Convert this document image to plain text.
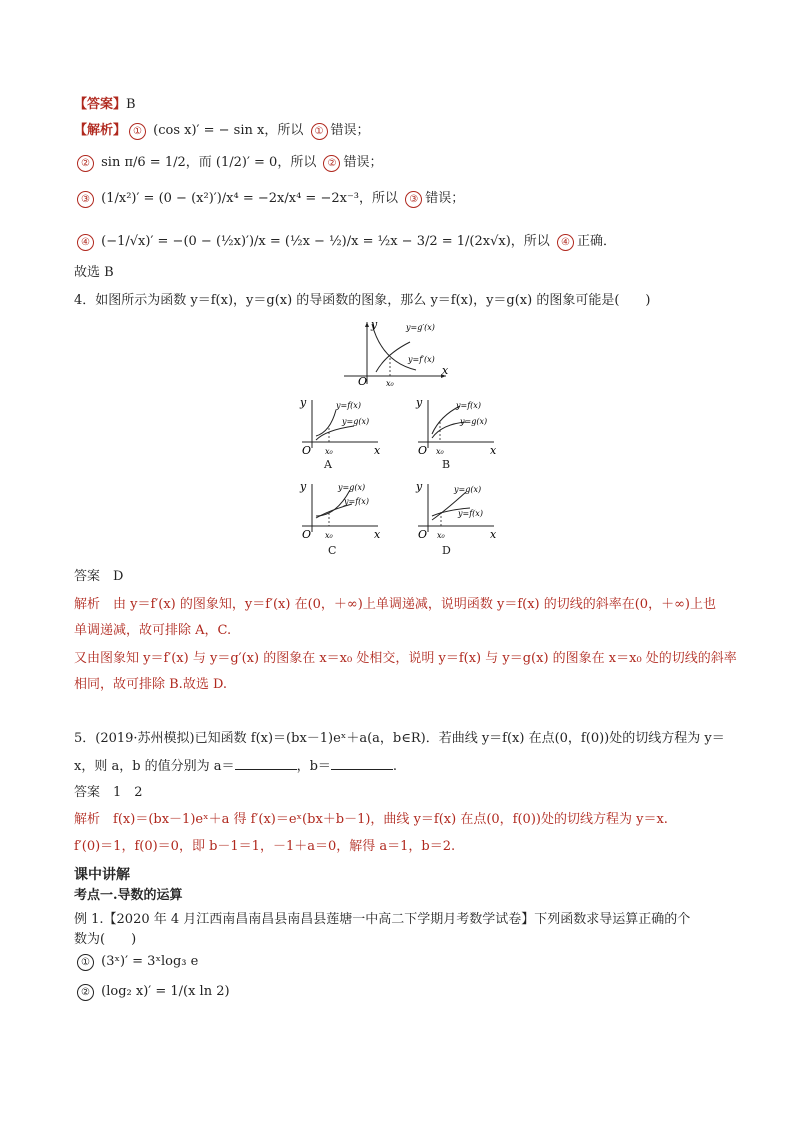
【答案】B
【解析】 ① (cos x)′ = − sin x，所以 ① 错误；
② sin π/6 = 1/2，而 (1/2)′ = 0，所以 ② 错误；
③ (1/x²)′ = (0 − (x²)′)/x⁴ = −2x/x⁴ = −2x⁻³，所以 ③ 错误；
④ (−1/√x)′ = −(0 − (½x)′)/x = (½x − ½)/x = ½x − 3/2 = 1/(2x√x)，所以 ④ 正确．
故选 B
4．如图所示为函数 y＝f(x)，y＝g(x) 的导函数的图象，那么 y＝f(x)，y＝g(x) 的图象可能是(　　)
y
x
O x₀
y=g′(x)
y=f′(x)
y
x
O x₀
y=f(x)
y=g(x)
A
y
x
O x₀
y=f(x)
y=g(x)
B
y
x
O x₀
y=g(x)
y=f(x)
C
y
x
O x₀
y=g(x)
y=f(x)
D
答案　 D
解析　 由 y＝f′(x) 的图象知，y＝f′(x) 在(0，＋∞)上单调递减，说明函数 y＝f(x) 的切线的斜率在(0，＋∞)上也
单调递减，故可排除 A，C.
又由图象知 y＝f′(x) 与 y＝g′(x) 的图象在 x＝x₀ 处相交，说明 y＝f(x) 与 y＝g(x) 的图象在 x＝x₀ 处的切线的斜率
相同，故可排除 B.故选 D.
5．(2019·苏州模拟)已知函数 f(x)＝(bx－1)eˣ＋a(a，b∈R)．若曲线 y＝f(x) 在点(0，f(0))处的切线方程为 y＝
x，则 a，b 的值分别为 a＝	，b＝	.
答案　 1　2
解析　 f(x)＝(bx－1)eˣ＋a 得 f′(x)＝eˣ(bx＋b－1)，曲线 y＝f(x) 在点(0，f(0))处的切线方程为 y＝x.
f′(0)＝1，f(0)＝0，即 b－1＝1，－1＋a＝0，解得 a＝1，b＝2.
课中讲解
考点一.导数的运算
例 1.【2020 年 4 月江西南昌南昌县南昌县莲塘一中高二下学期月考数学试卷】下列函数求导运算正确的个
数为(　　)
① (3ˣ)′ = 3ˣlog₃ e
② (log₂ x)′ = 1/(x ln 2)
